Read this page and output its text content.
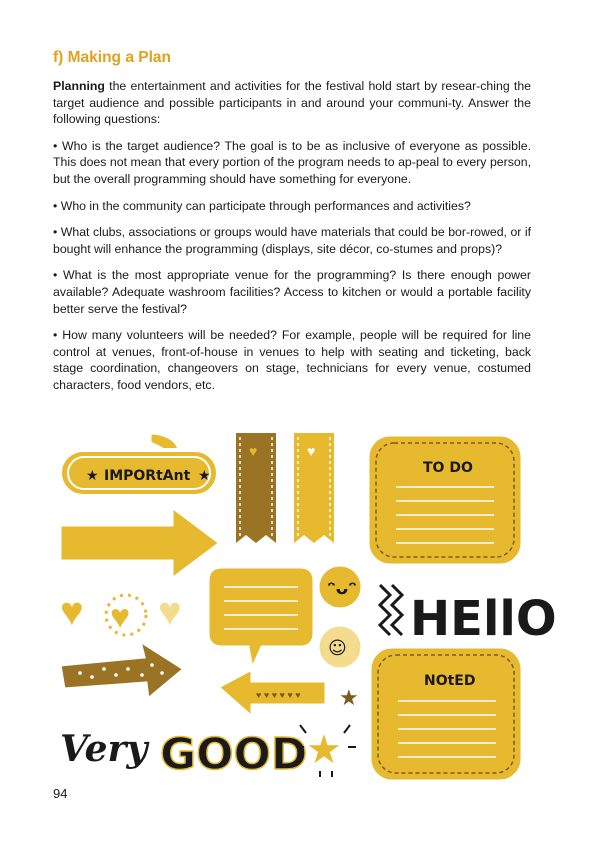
f) Making a Plan

Planning the entertainment and activities for the festival hold start by resear-ching the target audience and possible participants in and around your communi-ty. Answer the following questions:

• Who is the target audience? The goal is to be as inclusive of everyone as possible. This does not mean that every portion of the program needs to ap-peal to every person, but the overall programming should have something for everyone.

• Who in the community can participate through performances and activities?

• What clubs, associations or groups would have materials that could be bor-rowed, or if bought will enhance the programming (displays, site décor, co-stumes and props)?

• What is the most appropriate venue for the programming? Is there enough power available? Adequate washroom facilities? Access to kitchen or would a portable facility better serve the festival?

• How many volunteers will be needed? For example, people will be required for line control at venues, front-of-house in venues to help with seating and ticketing, back stage coordination, changeovers on stage, technicians for every venue, costumed characters, food vendors, etc.

★ IMPORtAnt ★
♥	♥
TO DO
♥ ♥ ♥
ᵔᴗᵔ
☺
HEllO
♥ ♥ ♥ ♥ ♥ ♥ ★
NOtED
Very GOOD
★
94
